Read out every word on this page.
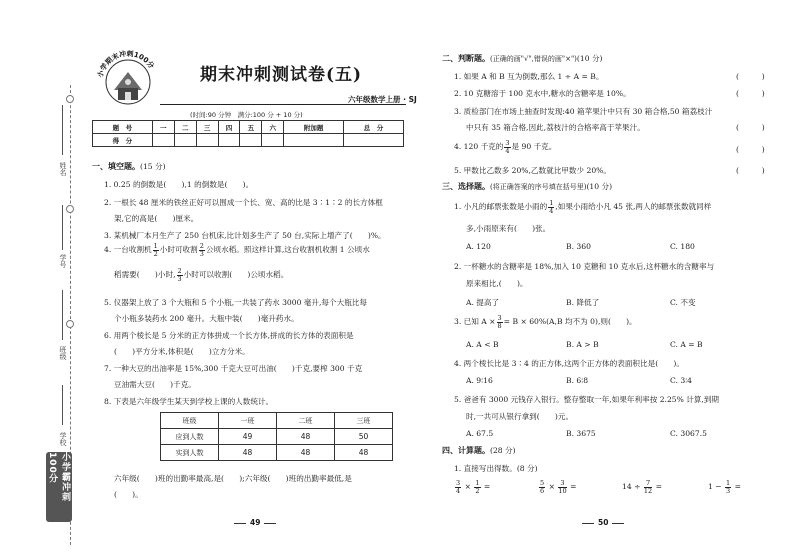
姓名
学号
班级
学校
小学霸冲刺100分
小学期末冲刺100分
期末冲刺测试卷(五)
六年级数学上册 · SJ
(时间:90 分钟　满分:100 分 + 10 分)
题　号	一	二	三	四	五	六	附加题	总　分
得　分								
一、填空题。(15 分)
1. 0.25 的倒数是(　　),1 的倒数是(　　)。
2. 一根长 48 厘米的铁丝正好可以围成一个长、宽、高的比是 3∶1∶2 的长方体框
架,它的高是(　　)厘米。
3. 某机械厂本月生产了 250 台机床,比计划多生产了 50 台,实际上增产了(　　)%。
4. 一台收割机 $\frac{1}{2}$ 小时可收割 $\frac{2}{3}$ 公顷水稻。照这样计算,这台收割机收割 1 公顷水
稻需要(　　)小时, $\frac{2}{3}$ 小时可以收割(　　)公顷水稻。
5. 仪器架上放了 3 个大瓶和 5 个小瓶,一共装了药水 3000 毫升,每个大瓶比每
个小瓶多装药水 200 毫升。大瓶中装(　　)毫升药水。
6. 用两个棱长是 5 分米的正方体拼成一个长方体,拼成的长方体的表面积是
(　　)平方分米,体积是(　　)立方分米。
7. 一种大豆的出油率是 15%,300 千克大豆可出油(　　)千克,要榨 300 千克
豆油需大豆(　　)千克。
8. 下表是六年级学生某天到学校上课的人数统计。
班级	一班	二班	三班
应到人数	49	48	50
实到人数	48	48	48
六年级(　　)班的出勤率最高,是(　　);六年级(　　)班的出勤率最低,是
(　　)。
49
二、判断题。(正确的画"√",错误的画"×")(10 分)
1. 如果 A 和 B 互为倒数,那么 1 ÷ A = B。	(　　　)
2. 10 克糖溶于 100 克水中,糖水的含糖率是 10%。	(　　　)
3. 质检部门在市场上抽查时发现:40 箱苹果汁中只有 30 箱合格,50 箱荔枝汁
中只有 35 箱合格,因此,荔枝汁的合格率高于苹果汁。	(　　　)
4. 120 千克的 $\frac{3}{4}$ 是 90 千克。	(　　　)
5. 甲数比乙数多 20%,乙数就比甲数少 20%。	(　　　)
三、选择题。(将正确答案的序号填在括号里)(10 分)
1. 小凡的邮票张数是小雨的 $\frac{1}{4}$ ,如果小雨给小凡 45 张,两人的邮票张数就同样
多,小雨原来有(　　)张。
A. 120	B. 360	C. 180
2. 一杯糖水的含糖率是 18%,加入 10 克糖和 10 克水后,这杯糖水的含糖率与
原来相比,(　　)。
A. 提高了	B. 降低了	C. 不变
3. 已知 $A \times \frac{3}{8} = B \times 60\%(A,B$ 均不为 0),则(　　)。
A. A < B	B. A > B	C. A = B
4. 两个棱长比是 3∶4 的正方体,这两个正方体的表面积比是(　　)。
A. 9∶16	B. 6∶8	C. 3∶4
5. 爸爸有 3000 元钱存入银行。整存整取一年,如果年利率按 2.25% 计算,到期
时,一共可从银行拿到(　　)元。
A. 67.5	B. 3675	C. 3067.5
四、计算题。(28 分)
1. 直接写出得数。(8 分)
$\frac{3}{4} \times \frac{1}{2}$ =	$\frac{5}{6} \times \frac{3}{10}$ =	$14 \div \frac{7}{12}$ =	$1 - \frac{1}{3}$ =
50
